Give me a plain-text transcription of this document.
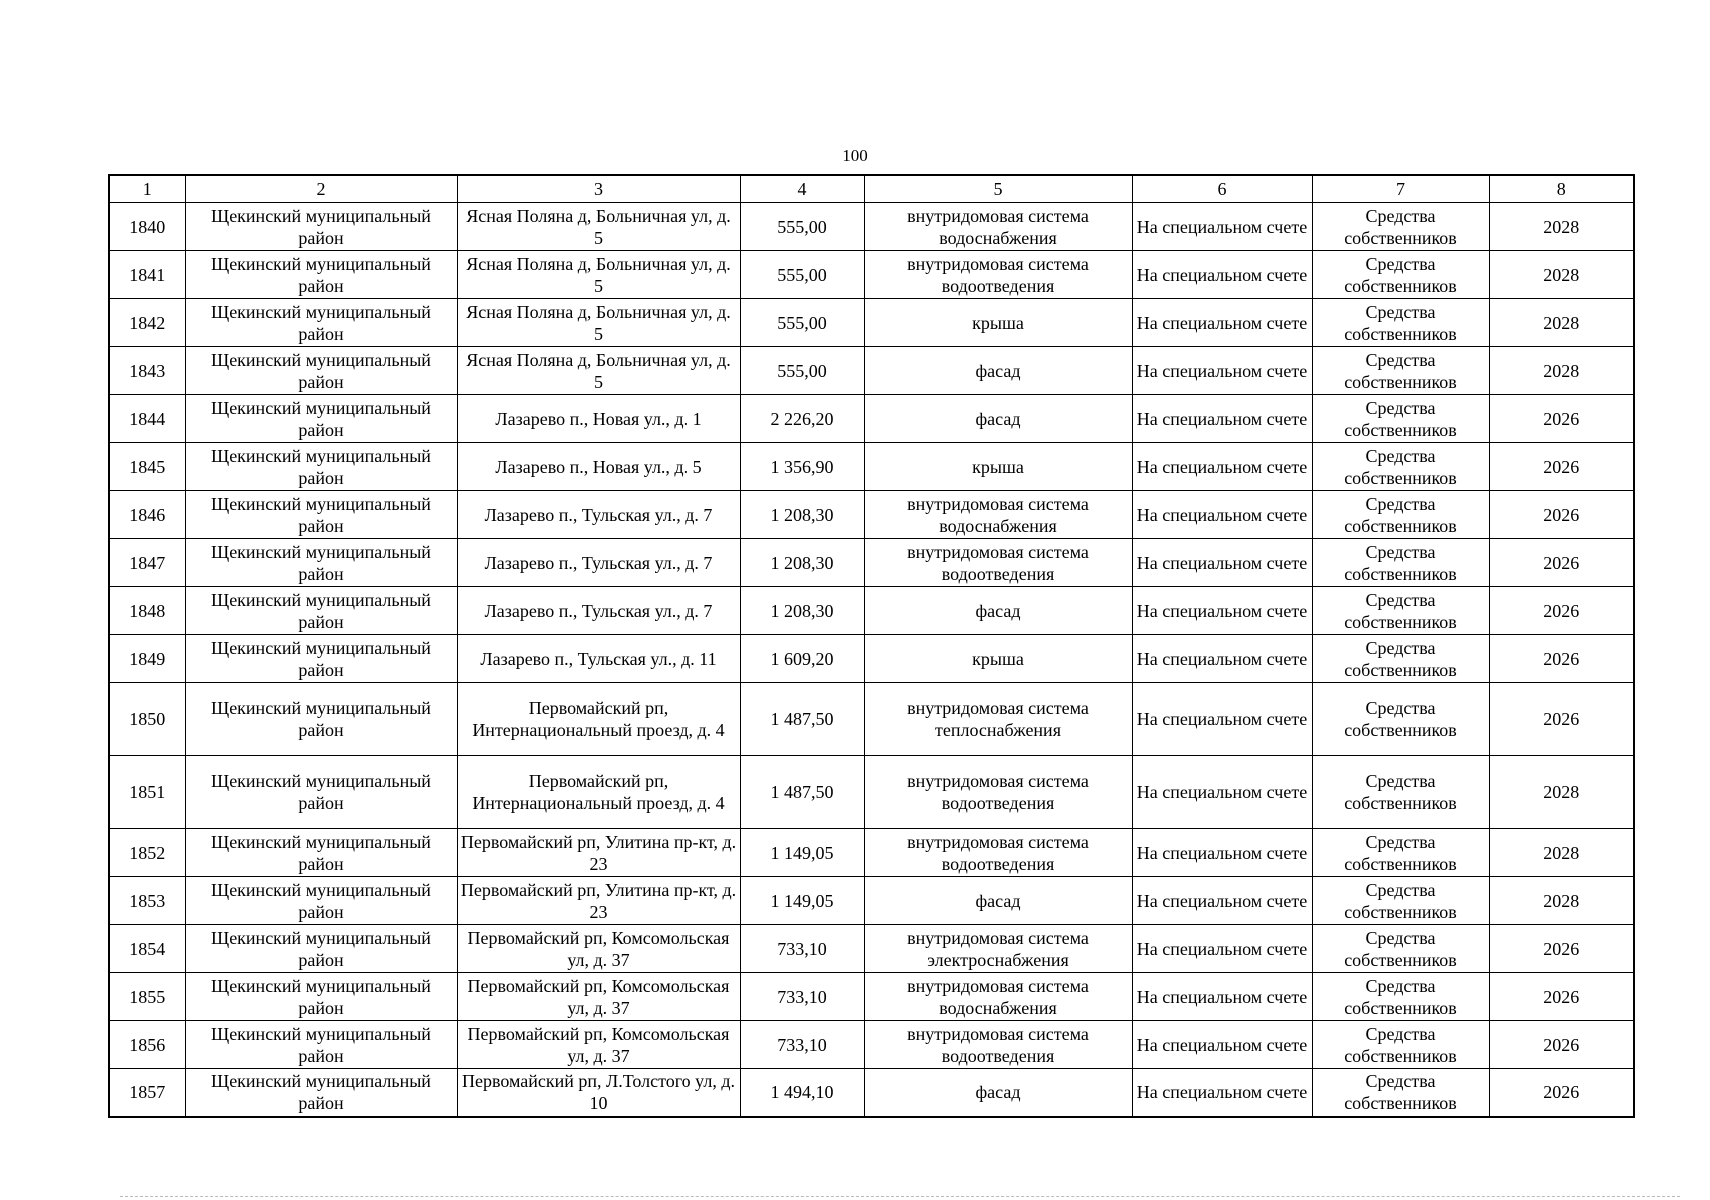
100
1	2	3	4	5	6	7	8
1840	Щекинский муниципальный район	Ясная Поляна д, Больничная ул, д. 5	555,00	внутридомовая система водоснабжения	На специальном счете	Средства собственников	2028
1841	Щекинский муниципальный район	Ясная Поляна д, Больничная ул, д. 5	555,00	внутридомовая система водоотведения	На специальном счете	Средства собственников	2028
1842	Щекинский муниципальный район	Ясная Поляна д, Больничная ул, д. 5	555,00	крыша	На специальном счете	Средства собственников	2028
1843	Щекинский муниципальный район	Ясная Поляна д, Больничная ул, д. 5	555,00	фасад	На специальном счете	Средства собственников	2028
1844	Щекинский муниципальный район	Лазарево п., Новая ул., д. 1	2 226,20	фасад	На специальном счете	Средства собственников	2026
1845	Щекинский муниципальный район	Лазарево п., Новая ул., д. 5	1 356,90	крыша	На специальном счете	Средства собственников	2026
1846	Щекинский муниципальный район	Лазарево п., Тульская ул., д. 7	1 208,30	внутридомовая система водоснабжения	На специальном счете	Средства собственников	2026
1847	Щекинский муниципальный район	Лазарево п., Тульская ул., д. 7	1 208,30	внутридомовая система водоотведения	На специальном счете	Средства собственников	2026
1848	Щекинский муниципальный район	Лазарево п., Тульская ул., д. 7	1 208,30	фасад	На специальном счете	Средства собственников	2026
1849	Щекинский муниципальный район	Лазарево п., Тульская ул., д. 11	1 609,20	крыша	На специальном счете	Средства собственников	2026
1850	Щекинский муниципальный район	Первомайский рп, Интернациональный проезд, д. 4	1 487,50	внутридомовая система теплоснабжения	На специальном счете	Средства собственников	2026
1851	Щекинский муниципальный район	Первомайский рп, Интернациональный проезд, д. 4	1 487,50	внутридомовая система водоотведения	На специальном счете	Средства собственников	2028
1852	Щекинский муниципальный район	Первомайский рп, Улитина пр-кт, д. 23	1 149,05	внутридомовая система водоотведения	На специальном счете	Средства собственников	2028
1853	Щекинский муниципальный район	Первомайский рп, Улитина пр-кт, д. 23	1 149,05	фасад	На специальном счете	Средства собственников	2028
1854	Щекинский муниципальный район	Первомайский рп, Комсомольская ул, д. 37	733,10	внутридомовая система электроснабжения	На специальном счете	Средства собственников	2026
1855	Щекинский муниципальный район	Первомайский рп, Комсомольская ул, д. 37	733,10	внутридомовая система водоснабжения	На специальном счете	Средства собственников	2026
1856	Щекинский муниципальный район	Первомайский рп, Комсомольская ул, д. 37	733,10	внутридомовая система водоотведения	На специальном счете	Средства собственников	2026
1857	Щекинский муниципальный район	Первомайский рп, Л.Толстого ул, д. 10	1 494,10	фасад	На специальном счете	Средства собственников	2026
